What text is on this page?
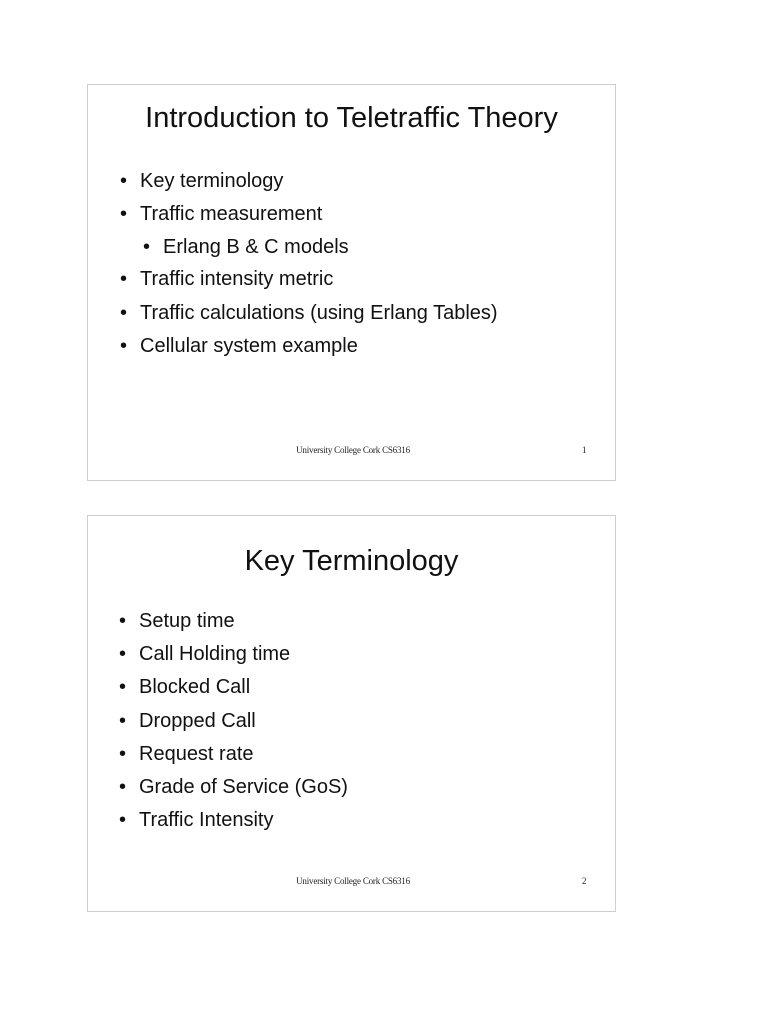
Introduction to Teletraffic Theory
• Key terminology
• Traffic measurement
• Erlang B & C models
• Traffic intensity metric
• Traffic calculations (using Erlang Tables)
• Cellular system example
University College Cork CS6316	1
Key Terminology
• Setup time
• Call Holding time
• Blocked Call
• Dropped Call
• Request rate
• Grade of Service (GoS)
• Traffic Intensity
University College Cork CS6316	2
